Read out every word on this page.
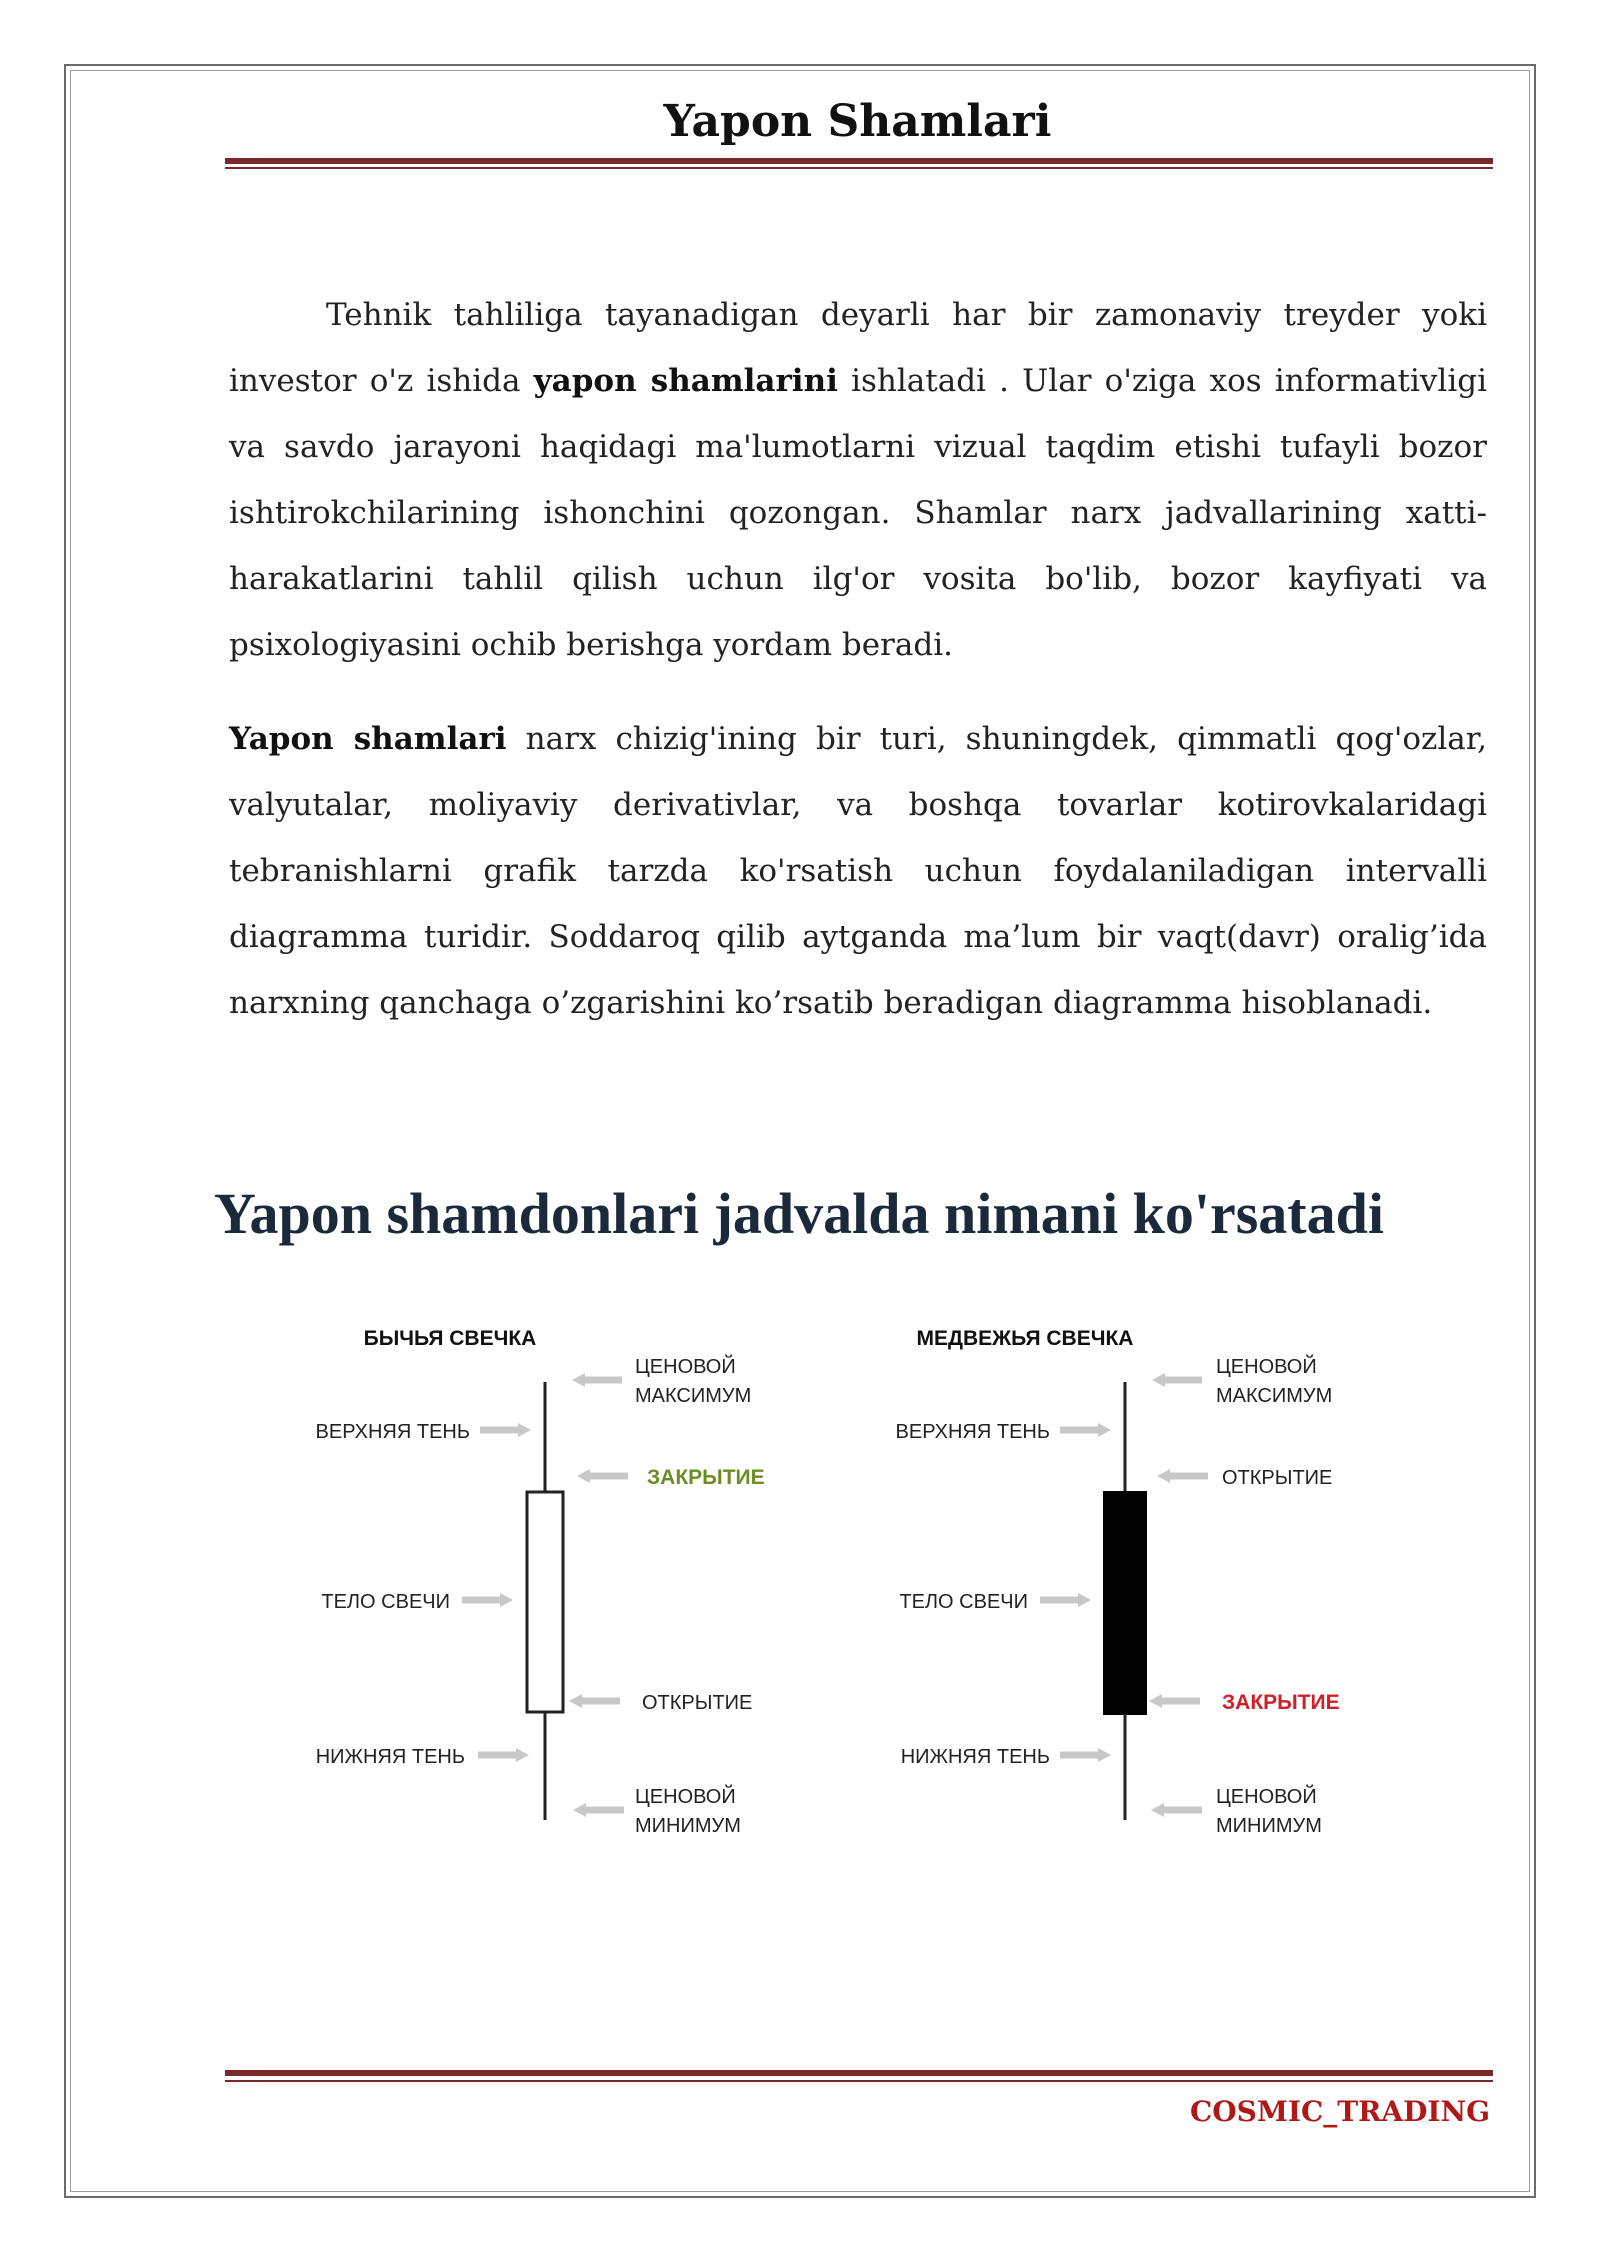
Yapon Shamlari

Tehnik tahliliga tayanadigan deyarli har bir zamonaviy treyder yoki investor o'z ishida yapon shamlarini ishlatadi . Ular o'ziga xos informativligi va savdo jarayoni haqidagi ma'lumotlarni vizual taqdim etishi tufayli bozor ishtirokchilarining ishonchini qozongan. Shamlar narx jadvallarining xatti-harakatlarini tahlil qilish uchun ilg'or vosita bo'lib, bozor kayfiyati va psixologiyasini ochib berishga yordam beradi.

Yapon shamlari narx chizig'ining bir turi, shuningdek, qimmatli qog'ozlar, valyutalar, moliyaviy derivativlar, va boshqa tovarlar kotirovkalaridagi tebranishlarni grafik tarzda ko'rsatish uchun foydalaniladigan intervalli diagramma turidir. Soddaroq qilib aytganda ma’lum bir vaqt(davr) oralig’ida narxning qanchaga o’zgarishini ko’rsatib beradigan diagramma hisoblanadi.

Yapon shamdonlari jadvalda nimani ko'rsatadi
БЫЧЬЯ СВЕЧКА
ЦЕНОВОЙ
МАКСИМУМ
ЗАКРЫТИЕ
ОТКРЫТИЕ
ЦЕНОВОЙ
МИНИМУМ
ВЕРХНЯЯ ТЕНЬ
ТЕЛО СВЕЧИ
НИЖНЯЯ ТЕНЬ
МЕДВЕЖЬЯ СВЕЧКА
ЦЕНОВОЙ
МАКСИМУМ
ОТКРЫТИЕ
ЗАКРЫТИЕ
ЦЕНОВОЙ
МИНИМУМ
ВЕРХНЯЯ ТЕНЬ
ТЕЛО СВЕЧИ
НИЖНЯЯ ТЕНЬ
COSMIC_TRADING
